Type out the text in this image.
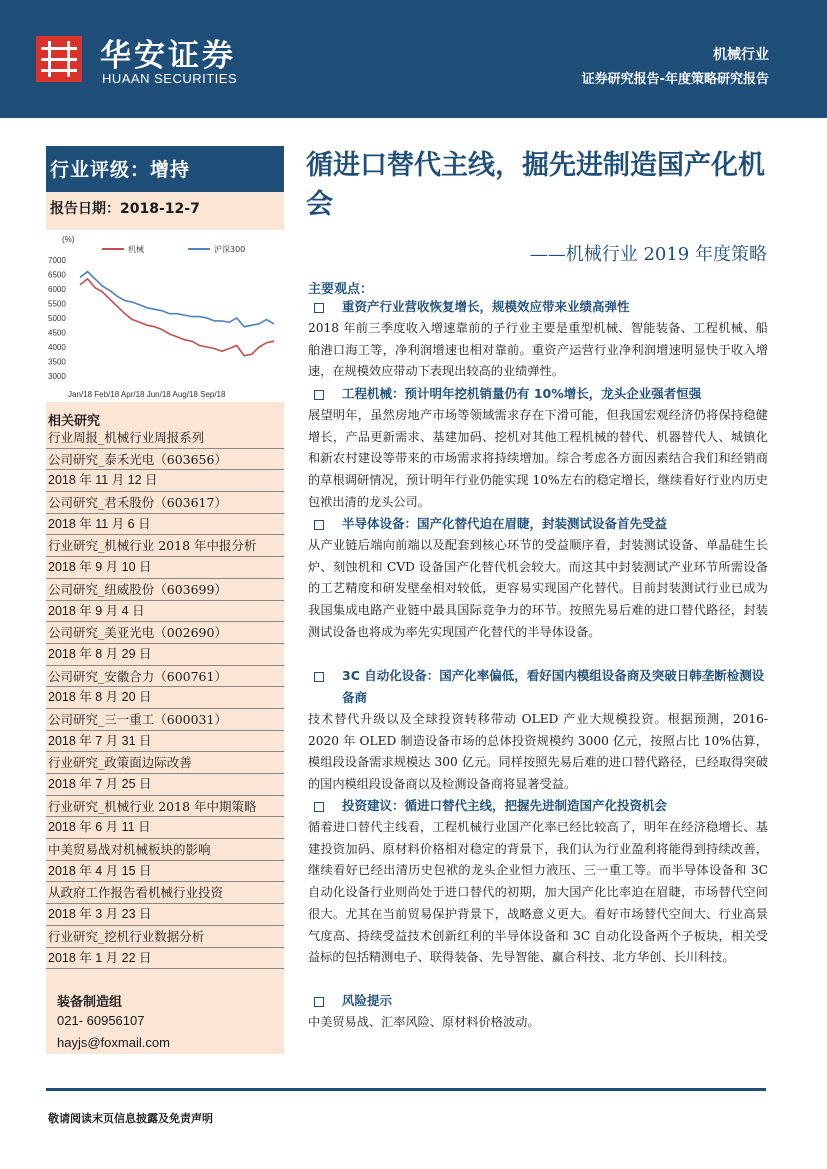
华安证券
HUAAN SECURITIES
机械行业
证券研究报告-年度策略研究报告
行业评级：增持
报告日期：2018-12-7
(%)
机械	沪深300
7000
6500
6000
5500
5000
4500
4000
3500
3000
Jan/18 Feb/18 Apr/18 Jun/18 Aug/18 Sep/18
相关研究
行业周报_机械行业周报系列
公司研究_泰禾光电（603656）
2018 年 11 月 12 日
公司研究_君禾股份（603617）
2018 年 11 月 6 日
行业研究_机械行业 2018 年中报分析
2018 年 9 月 10 日
公司研究_纽威股份（603699）
2018 年 9 月 4 日
公司研究_美亚光电（002690）
2018 年 8 月 29 日
公司研究_安徽合力（600761）
2018 年 8 月 20 日
公司研究_三一重工（600031）
2018 年 7 月 31 日
行业研究_政策面边际改善
2018 年 7 月 25 日
行业研究_机械行业 2018 年中期策略
2018 年 6 月 11 日
中美贸易战对机械板块的影响
2018 年 4 月 15 日
从政府工作报告看机械行业投资
2018 年 3 月 23 日
行业研究_挖机行业数据分析
2018 年 1 月 22 日
装备制造组
021- 60956107
hayjs@foxmail.com
循进口替代主线，掘先进制造国产化机会
——机械行业 2019 年度策略
主要观点：
重资产行业营收恢复增长，规模效应带来业绩高弹性
2018 年前三季度收入增速靠前的子行业主要是重型机械、智能装备、工程机械、船舶港口海工等，净利润增速也相对靠前。重资产运营行业净利润增速明显快于收入增速，在规模效应带动下表现出较高的业绩弹性。
工程机械：预计明年挖机销量仍有 10%增长，龙头企业强者恒强
展望明年，虽然房地产市场等领域需求存在下滑可能，但我国宏观经济仍将保持稳健增长，产品更新需求、基建加码、挖机对其他工程机械的替代、机器替代人、城镇化和新农村建设等带来的市场需求将持续增加。综合考虑各方面因素结合我们和经销商的草根调研情况，预计明年行业仍能实现 10%左右的稳定增长，继续看好行业内历史包袱出清的龙头公司。
半导体设备：国产化替代迫在眉睫，封装测试设备首先受益
从产业链后端向前端以及配套到核心环节的受益顺序看，封装测试设备、单晶硅生长炉、刻蚀机和 CVD 设备国产化替代机会较大。而这其中封装测试产业环节所需设备的工艺精度和研发壁垒相对较低，更容易实现国产化替代。目前封装测试行业已成为我国集成电路产业链中最具国际竞争力的环节。按照先易后难的进口替代路径，封装测试设备也将成为率先实现国产化替代的半导体设备。
3C 自动化设备：国产化率偏低，看好国内模组设备商及突破日韩垄断检测设备商
技术替代升级以及全球投资转移带动 OLED 产业大规模投资。根据预测，2016-2020 年 OLED 制造设备市场的总体投资规模约 3000 亿元，按照占比 10%估算，模组段设备需求规模达 300 亿元。同样按照先易后难的进口替代路径，已经取得突破的国内模组段设备商以及检测设备商将显著受益。
投资建议：循进口替代主线，把握先进制造国产化投资机会
循着进口替代主线看，工程机械行业国产化率已经比较高了，明年在经济稳增长、基建投资加码、原材料价格相对稳定的背景下，我们认为行业盈利将能得到持续改善，继续看好已经出清历史包袱的龙头企业恒力液压、三一重工等。而半导体设备和 3C 自动化设备行业则尚处于进口替代的初期，加大国产化比率迫在眉睫，市场替代空间很大。尤其在当前贸易保护背景下，战略意义更大。看好市场替代空间大、行业高景气度高、持续受益技术创新红利的半导体设备和 3C 自动化设备两个子板块，相关受益标的包括精测电子、联得装备、先导智能、赢合科技、北方华创、长川科技。
风险提示
中美贸易战、汇率风险、原材料价格波动。
敬请阅读末页信息披露及免责声明
